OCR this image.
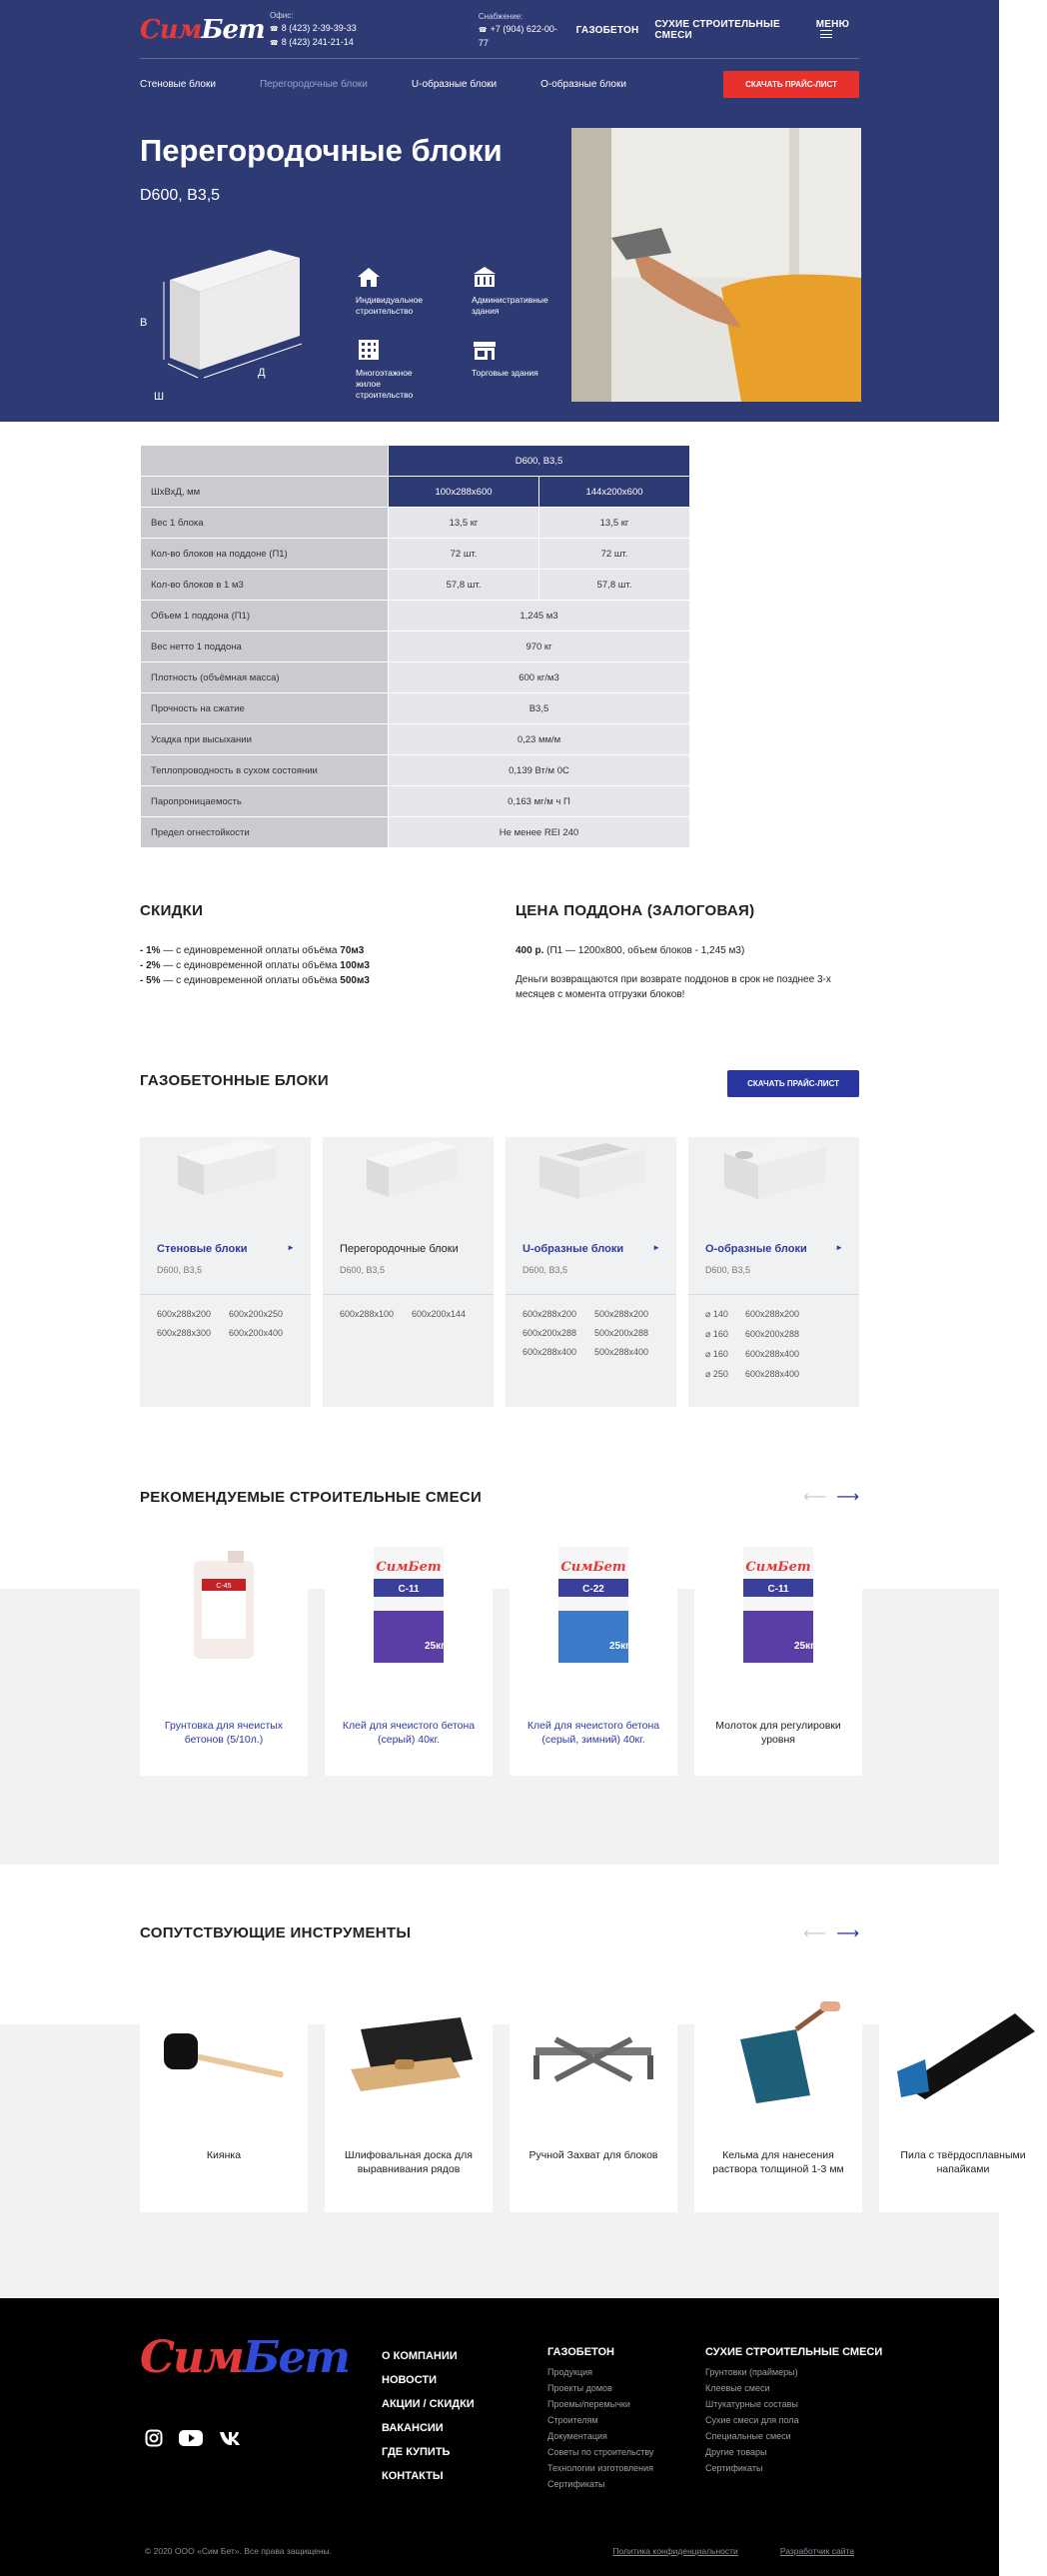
СимБет Офис:
☎ 8 (423) 2-39-39-33 ☎ 8 (423) 241-21-14
Снабжение:
☎ +7 (904) 622-00-77
ГАЗОБЕТОН СУХИЕ СТРОИТЕЛЬНЫЕ СМЕСИ
МЕНЮ
Стеновые блоки	Перегородочные блоки	U-образные блоки	О-образные блоки	СКАЧАТЬ ПРАЙС-ЛИСТ
Перегородочные блоки
D600, В3,5
В
Д
Ш
Индивидуальное строительство
Административные здания
Многоэтажное жилое строительство
Торговые здания
	D600, В3,5	
ШхВхД, мм	100х288х600	144х200х600
Вес 1 блока	13,5 кг	13,5 кг
Кол-во блоков на поддоне (П1)	72 шт.	72 шт.
Кол-во блоков в 1 м3	57,8 шт.	57,8 шт.
Объем 1 поддона (П1)	1,245 м3	
Вес нетто 1 поддона	970 кг	
Плотность (объёмная масса)	600 кг/м3	
Прочность на сжатие	В3,5	
Усадка при высыхании	0,23 мм/м	
Теплопроводность в сухом состоянии	0,139 Вт/м 0С	
Паропроницаемость	0,163 мг/м ч П	
Предел огнестойкости	Не менее REI 240	
СКИДКИ
- 1% — с единовременной оплаты объёма 70м3
- 2% — с единовременной оплаты объёма 100м3
- 5% — с единовременной оплаты объёма 500м3
ЦЕНА ПОДДОНА (ЗАЛОГОВАЯ)
400 р. (П1 — 1200х800, объем блоков - 1,245 м3)
Деньги возвращаются при возврате поддонов в срок не позднее 3-х месяцев с момента отгрузки блоков!
ГАЗОБЕТОННЫЕ БЛОКИ	СКАЧАТЬ ПРАЙС-ЛИСТ
Стеновые блоки	►
D600, В3,5
600х288х200	600х200х250
600х288х300	600х200х400
Перегородочные блоки
D600, В3,5
600х288х100	600х200х144
U-образные блоки	►
D600, В3,5
600х288х200	500х288х200
600х200х288	500х200х288
600х288х400	500х288х400
О-образные блоки	►
D600, В3,5
⌀ 140	600х288х200
⌀ 160	600х200х288
⌀ 160	600х288х400
⌀ 250	600х288х400
РЕКОМЕНДУЕМЫЕ СТРОИТЕЛЬНЫЕ СМЕСИ	⟵ ⟶
С-45
Грунтовка для ячеистых бетонов (5/10л.)
СимБет
С-11
25кг
Клей для ячеистого бетона (серый) 40кг.
СимБет
С-22
25кг
Клей для ячеистого бетона (серый, зимний) 40кг.
СимБет
С-11
25кг
Молоток для регулировки уровня
СОПУТСТВУЮЩИЕ ИНСТРУМЕНТЫ	⟵ ⟶
Киянка	Шлифовальная доска для выравнивания рядов
Ручной Захват для блоков	Кельма для нанесения раствора толщиной 1-3 мм
Пила с твёрдосплавными напайками
СимБет	О КОМПАНИИ
НОВОСТИ
АКЦИИ / СКИДКИ
ВАКАНСИИ
ГДЕ КУПИТЬ
КОНТАКТЫ
ГАЗОБЕТОН
Продукция
Проекты домов
Проемы/перемычки
Строителям
Документация
Советы по строительству
Технологии изготовления
Сертификаты
СУХИЕ СТРОИТЕЛЬНЫЕ СМЕСИ
Грунтовки (праймеры)
Клеевые смеси
Штукатурные составы
Сухие смеси для пола
Специальные смеси
Другие товары
Сертификаты
© 2020 ООО «Сим Бет». Все права защищены.	Политика конфиденциальности	Разработчик сайта
